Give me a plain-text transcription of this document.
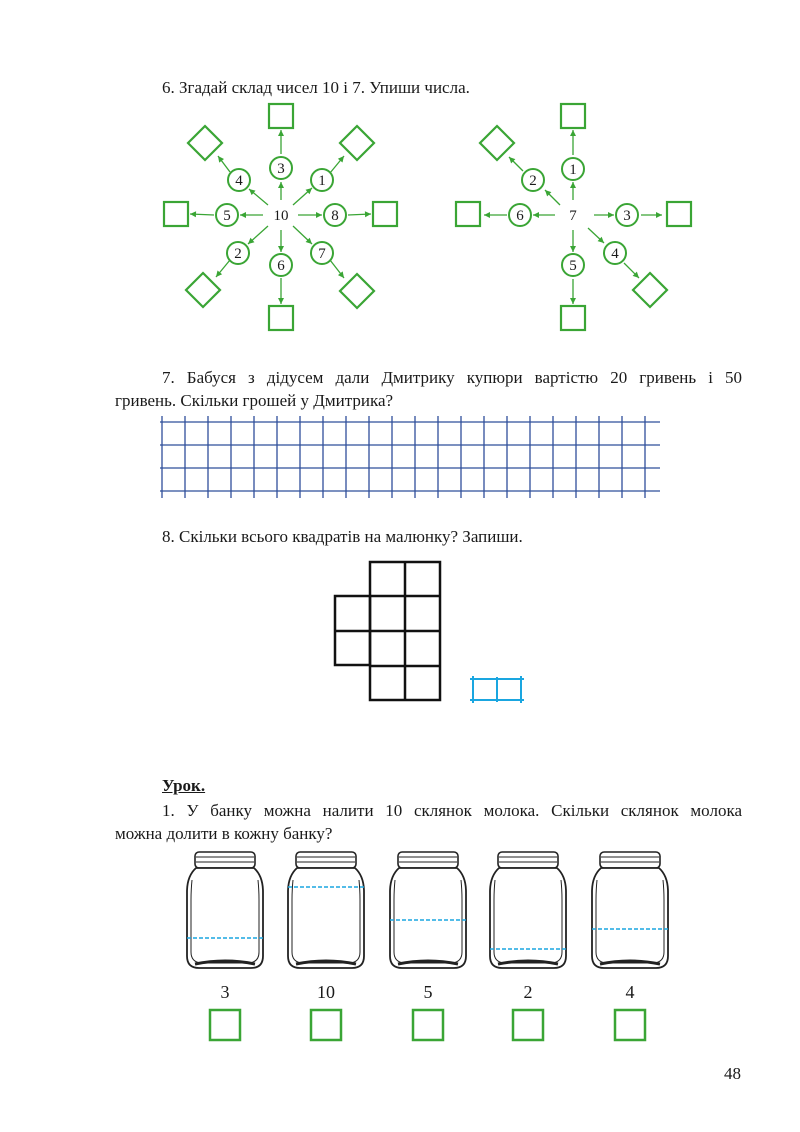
6. Згадай склад чисел 10 і 7. Упиши числа.

10
3
1
8
7
6
2
5
4
7
1
3
4
5
6
2

7. Бабуся з дідусем дали Дмитрику купюри вартістю 20 гривень і 50

гривень. Скільки грошей у Дмитрика?

8. Скільки всього квадратів на малюнку? Запиши.

Урок.

1. У банку можна налити 10 склянок молока. Скільки склянок молока

можна долити в кожну банку?

3	10	5	2	4

48
